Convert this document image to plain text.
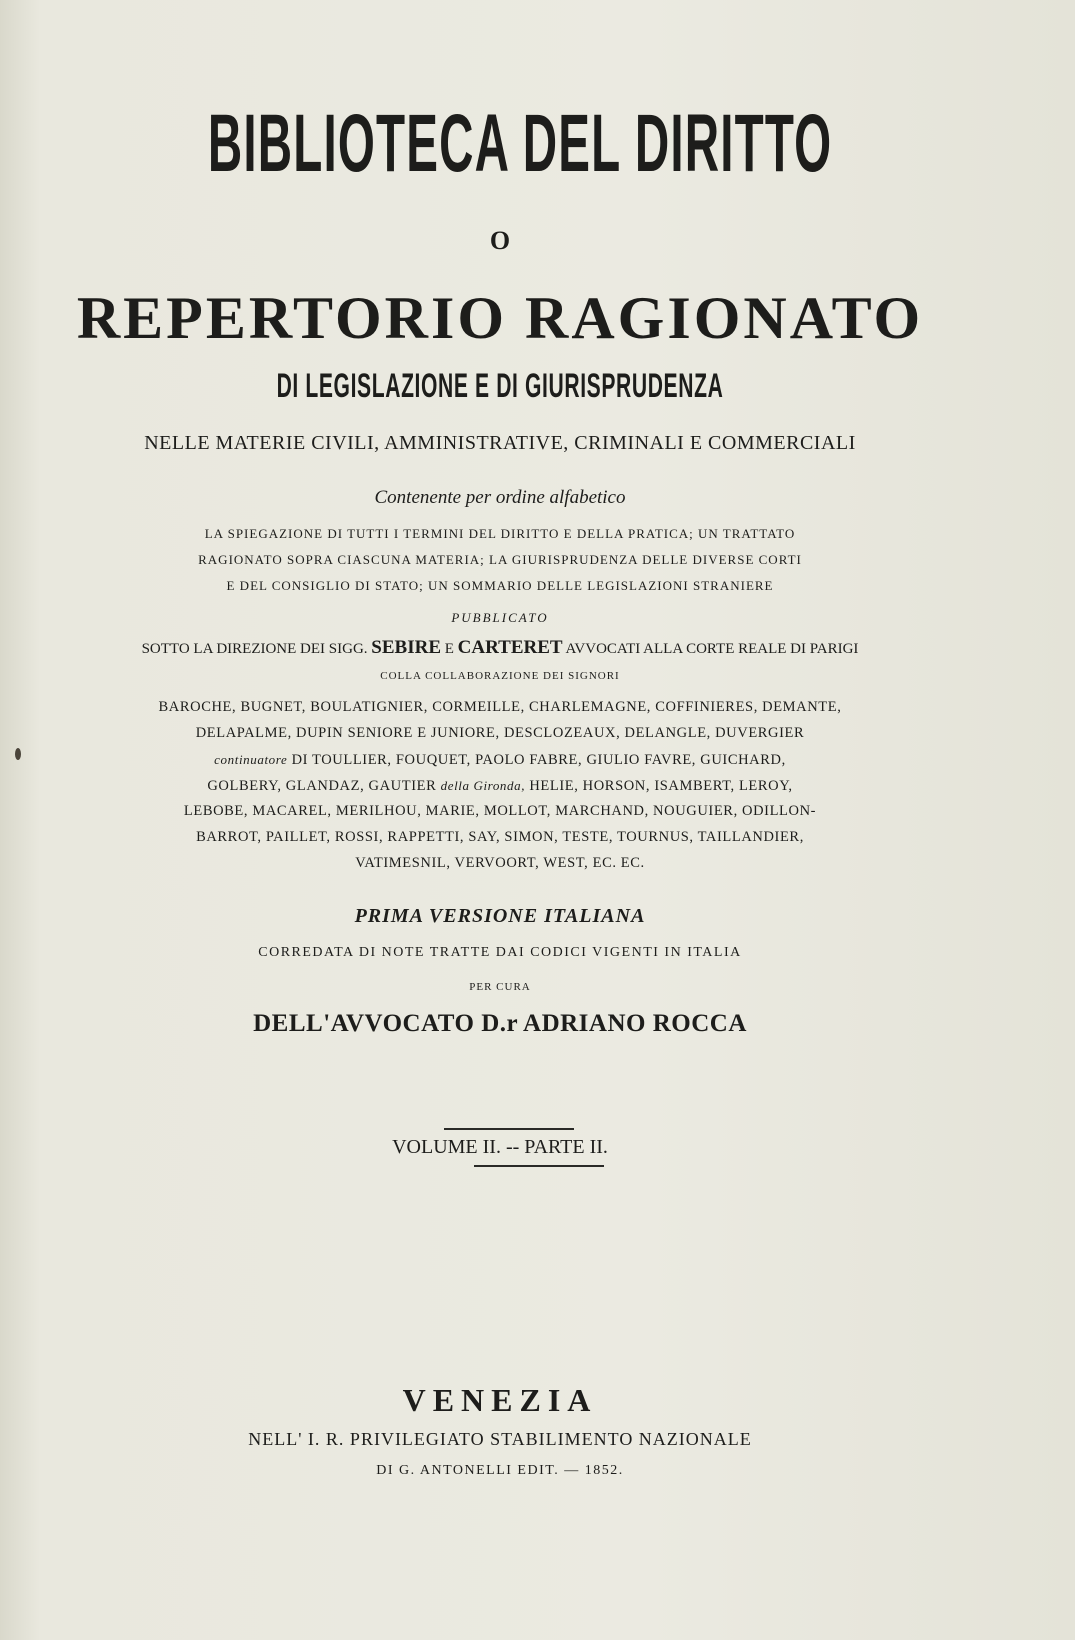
BIBLIOTECA DEL DIRITTO
O
REPERTORIO RAGIONATO
DI LEGISLAZIONE E DI GIURISPRUDENZA
NELLE MATERIE CIVILI, AMMINISTRATIVE, CRIMINALI E COMMERCIALI
Contenente per ordine alfabetico
LA SPIEGAZIONE DI TUTTI I TERMINI DEL DIRITTO E DELLA PRATICA; UN TRATTATO
RAGIONATO SOPRA CIASCUNA MATERIA; LA GIURISPRUDENZA DELLE DIVERSE CORTI
E DEL CONSIGLIO DI STATO; UN SOMMARIO DELLE LEGISLAZIONI STRANIERE
PUBBLICATO
SOTTO LA DIREZIONE DEI SIGG. SEBIRE E CARTERET AVVOCATI ALLA CORTE REALE DI PARIGI
COLLA COLLABORAZIONE DEI SIGNORI
BAROCHE, BUGNET, BOULATIGNIER, CORMEILLE, CHARLEMAGNE, COFFINIERES, DEMANTE,
DELAPALME, DUPIN SENIORE E JUNIORE, DESCLOZEAUX, DELANGLE, DUVERGIER
continuatore DI TOULLIER, FOUQUET, PAOLO FABRE, GIULIO FAVRE, GUICHARD,
GOLBERY, GLANDAZ, GAUTIER della Gironda, HELIE, HORSON, ISAMBERT, LEROY,
LEBOBE, MACAREL, MERILHOU, MARIE, MOLLOT, MARCHAND, NOUGUIER, ODILLON-
BARROT, PAILLET, ROSSI, RAPPETTI, SAY, SIMON, TESTE, TOURNUS, TAILLANDIER,
VATIMESNIL, VERVOORT, WEST, EC. EC.
PRIMA VERSIONE ITALIANA
CORREDATA DI NOTE TRATTE DAI CODICI VIGENTI IN ITALIA
PER CURA
DELL'AVVOCATO D.r ADRIANO ROCCA
VOLUME II. -- PARTE II.
VENEZIA
NELL' I. R. PRIVILEGIATO STABILIMENTO NAZIONALE
DI G. ANTONELLI EDIT. — 1852.
